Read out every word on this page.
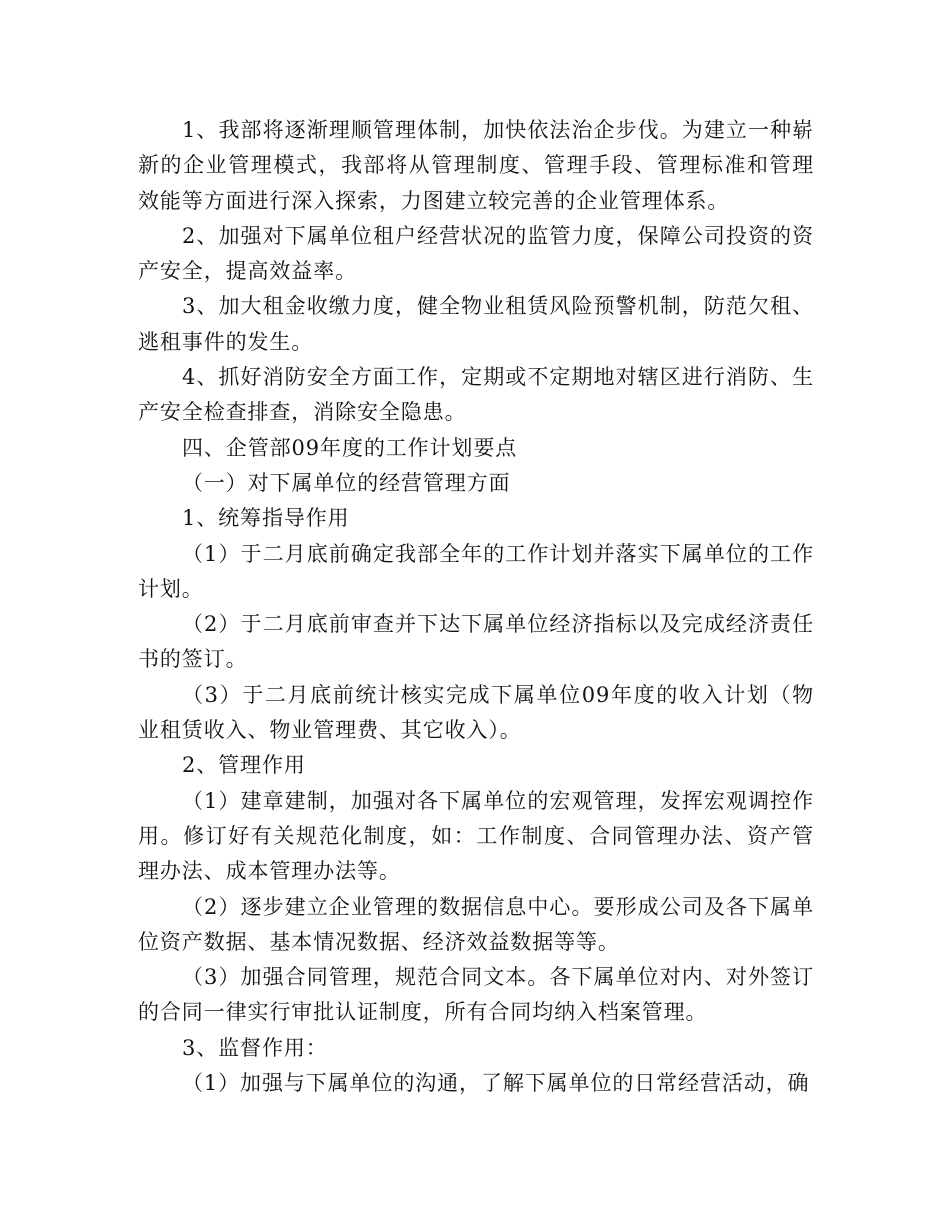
1、我部将逐渐理顺管理体制，加快依法治企步伐。为建立一种崭新的企业管理模式，我部将从管理制度、管理手段、管理标准和管理效能等方面进行深入探索，力图建立较完善的企业管理体系。

2、加强对下属单位租户经营状况的监管力度，保障公司投资的资产安全，提高效益率。

3、加大租金收缴力度，健全物业租赁风险预警机制，防范欠租、逃租事件的发生。

4、抓好消防安全方面工作，定期或不定期地对辖区进行消防、生产安全检查排查，消除安全隐患。

四、企管部09年度的工作计划要点

（一）对下属单位的经营管理方面

1、统筹指导作用

（1）于二月底前确定我部全年的工作计划并落实下属单位的工作计划。

（2）于二月底前审查并下达下属单位经济指标以及完成经济责任书的签订。

（3）于二月底前统计核实完成下属单位09年度的收入计划（物业租赁收入、物业管理费、其它收入）。

2、管理作用

（1）建章建制，加强对各下属单位的宏观管理，发挥宏观调控作用。修订好有关规范化制度，如：工作制度、合同管理办法、资产管理办法、成本管理办法等。

（2）逐步建立企业管理的数据信息中心。要形成公司及各下属单位资产数据、基本情况数据、经济效益数据等等。

（3）加强合同管理，规范合同文本。各下属单位对内、对外签订的合同一律实行审批认证制度，所有合同均纳入档案管理。

3、监督作用：

（1）加强与下属单位的沟通，了解下属单位的日常经营活动，确
